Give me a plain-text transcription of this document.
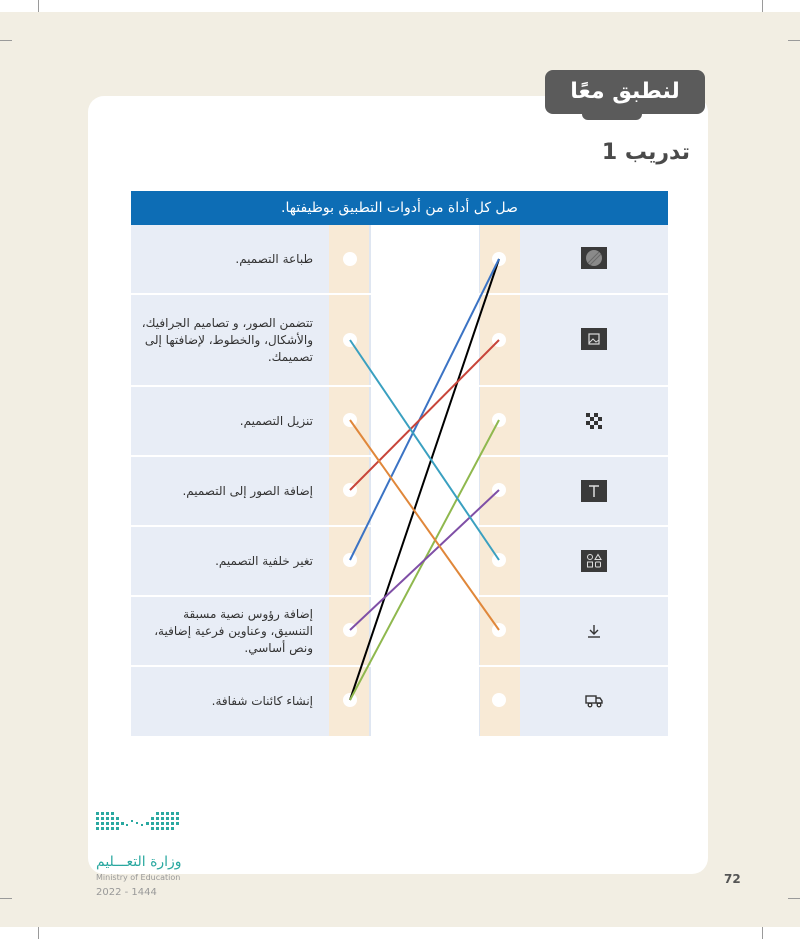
لنطبق معًا
تدريب 1
صل كل أداة من أدوات التطبيق بوظيفتها.
طباعة التصميم.
تتضمن الصور، و تصاميم الجرافيك، والأشكال، والخطوط، لإضافتها إلى تصميمك.
تنزيل التصميم.
إضافة الصور إلى التصميم.
تغير خلفية التصميم.
إضافة رؤوس نصية مسبقة التنسيق، وعناوين فرعية إضافية، ونص أساسي.
إنشاء كائنات شفافة.
وزارة التعـــليم
Ministry of Education
2022 - 1444
72
